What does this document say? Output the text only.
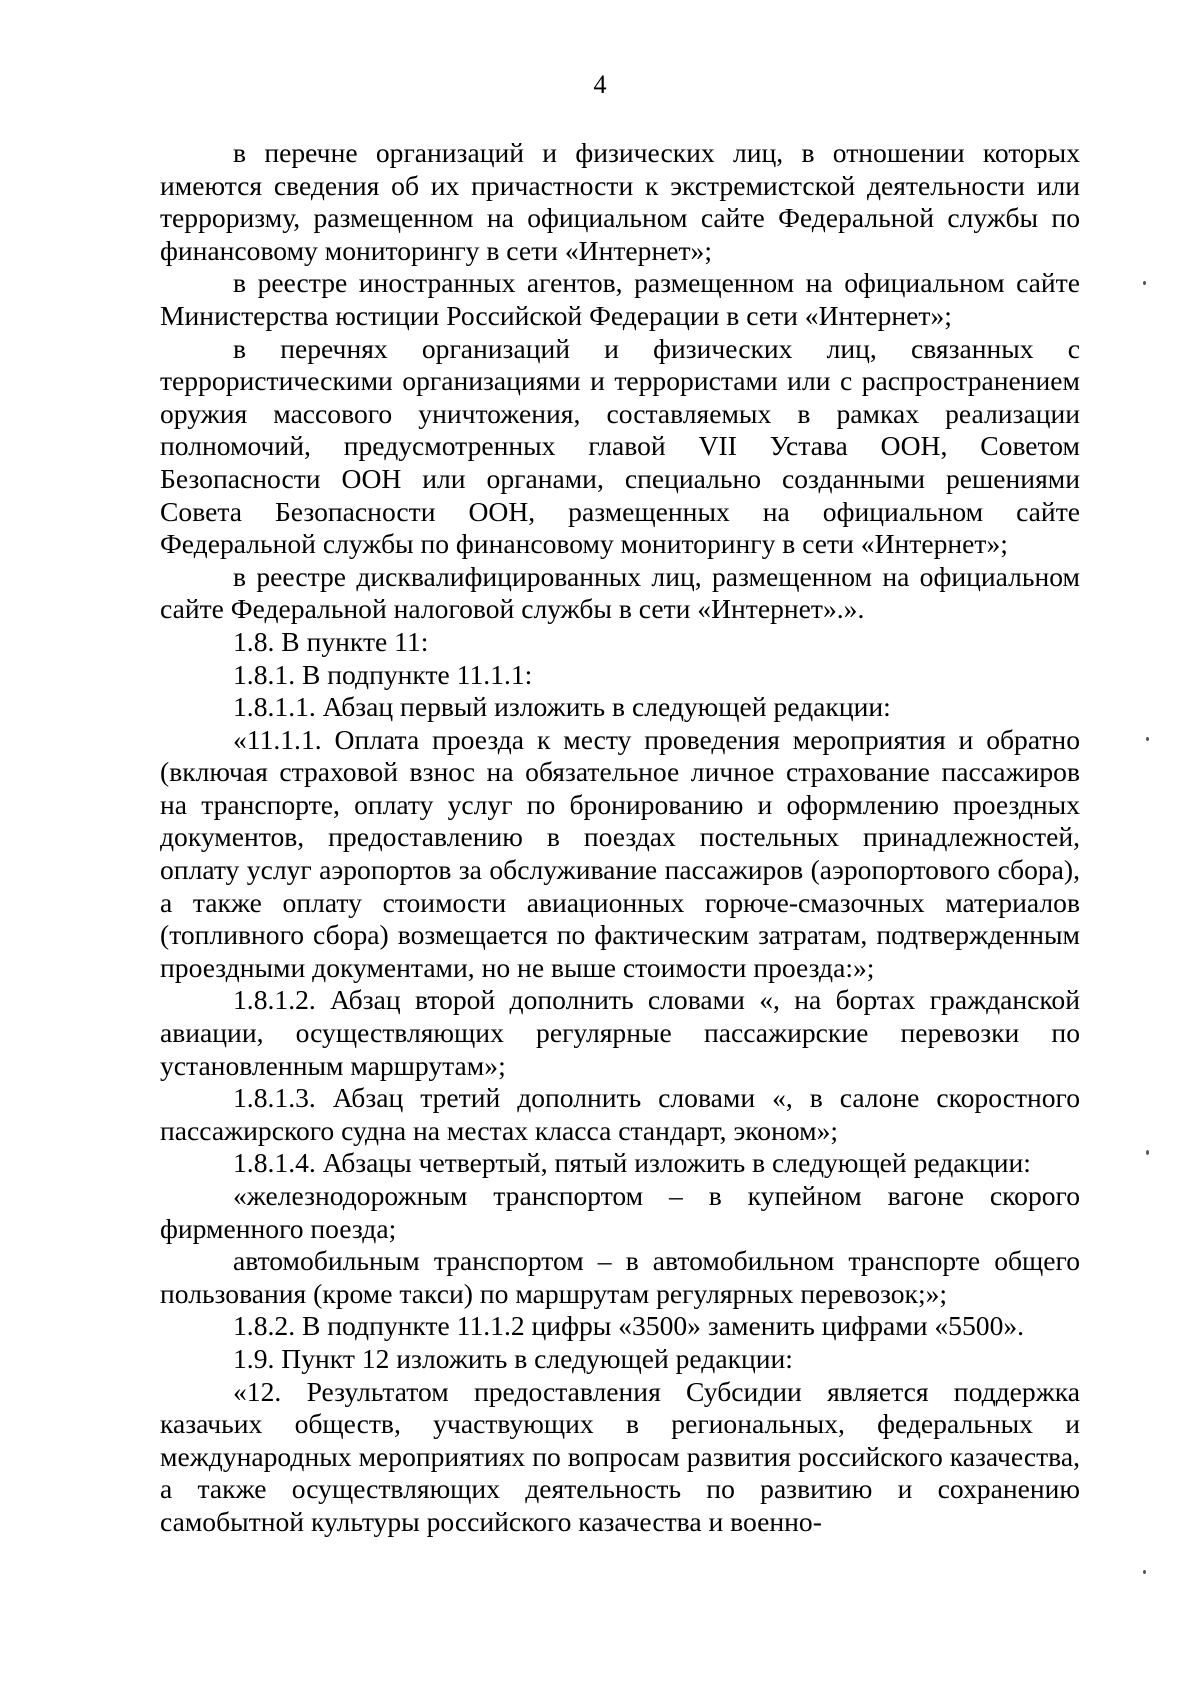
4

в перечне организаций и физических лиц, в отношении которых имеются сведения об их причастности к экстремистской деятельности или терроризму, размещенном на официальном сайте Федеральной службы по финансовому мониторингу в сети «Интернет»;

в реестре иностранных агентов, размещенном на официальном сайте Министерства юстиции Российской Федерации в сети «Интернет»;

в перечнях организаций и физических лиц, связанных с террористическими организациями и террористами или с распространением оружия массового уничтожения, составляемых в рамках реализации полномочий, предусмотренных главой VII Устава ООН, Советом Безопасности ООН или органами, специально созданными решениями Совета Безопасности ООН, размещенных на официальном сайте Федеральной службы по финансовому мониторингу в сети «Интернет»;

в реестре дисквалифицированных лиц, размещенном на официальном сайте Федеральной налоговой службы в сети «Интернет».».

1.8. В пункте 11:

1.8.1. В подпункте 11.1.1:

1.8.1.1. Абзац первый изложить в следующей редакции:

«11.1.1. Оплата проезда к месту проведения мероприятия и обратно (включая страховой взнос на обязательное личное страхование пассажиров на транспорте, оплату услуг по бронированию и оформлению проездных документов, предоставлению в поездах постельных принадлежностей, оплату услуг аэропортов за обслуживание пассажиров (аэропортового сбора), а также оплату стоимости авиационных горюче-смазочных материалов (топливного сбора) возмещается по фактическим затратам, подтвержденным проездными документами, но не выше стоимости проезда:»;

1.8.1.2. Абзац второй дополнить словами «, на бортах гражданской авиации, осуществляющих регулярные пассажирские перевозки по установленным маршрутам»;

1.8.1.3. Абзац третий дополнить словами «, в салоне скоростного пассажирского судна на местах класса стандарт, эконом»;

1.8.1.4. Абзацы четвертый, пятый изложить в следующей редакции:

«железнодорожным транспортом – в купейном вагоне скорого фирменного поезда;

автомобильным транспортом – в автомобильном транспорте общего пользования (кроме такси) по маршрутам регулярных перевозок;»;

1.8.2. В подпункте 11.1.2 цифры «3500» заменить цифрами «5500».

1.9. Пункт 12 изложить в следующей редакции:

«12. Результатом предоставления Субсидии является поддержка казачьих обществ, участвующих в региональных, федеральных и международных мероприятиях по вопросам развития российского казачества, а также осуществляющих деятельность по развитию и сохранению самобытной культуры российского казачества и военно-
